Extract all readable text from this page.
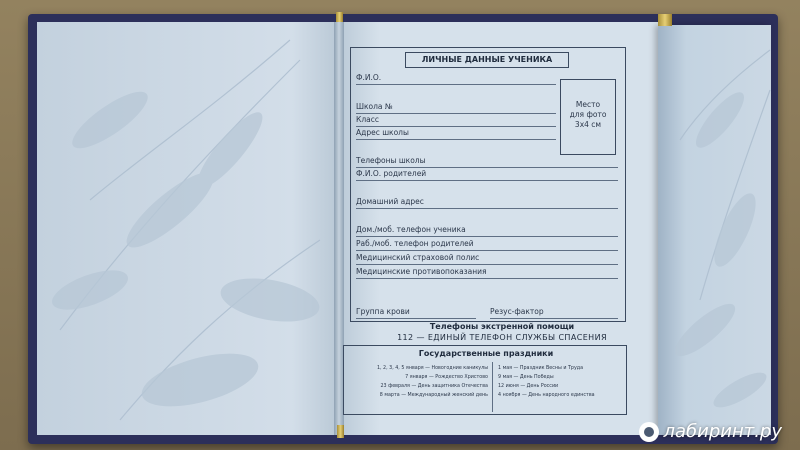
ЛИЧНЫЕ ДАННЫЕ УЧЕНИКА
Ф.И.О.
Школа №
Класс
Адрес школы
Телефоны школы
Ф.И.О. родителей
Домашний адрес
Дом./моб. телефон ученика
Раб./моб. телефон родителей
Медицинский страховой полис
Медицинские противопоказания
Группа крови	Резус-фактор
Место
для фото
3х4 см
Телефоны экстренной помощи
112 — ЕДИНЫЙ ТЕЛЕФОН СЛУЖБЫ СПАСЕНИЯ
Государственные праздники
1, 2, 3, 4, 5 января — Новогодние каникулы
7 января — Рождество Христово
23 февраля — День защитника Отечества
8 марта — Международный женский день
1 мая — Праздник Весны и Труда
9 мая — День Победы
12 июня — День России
4 ноября — День народного единства
лабиринт.ру
